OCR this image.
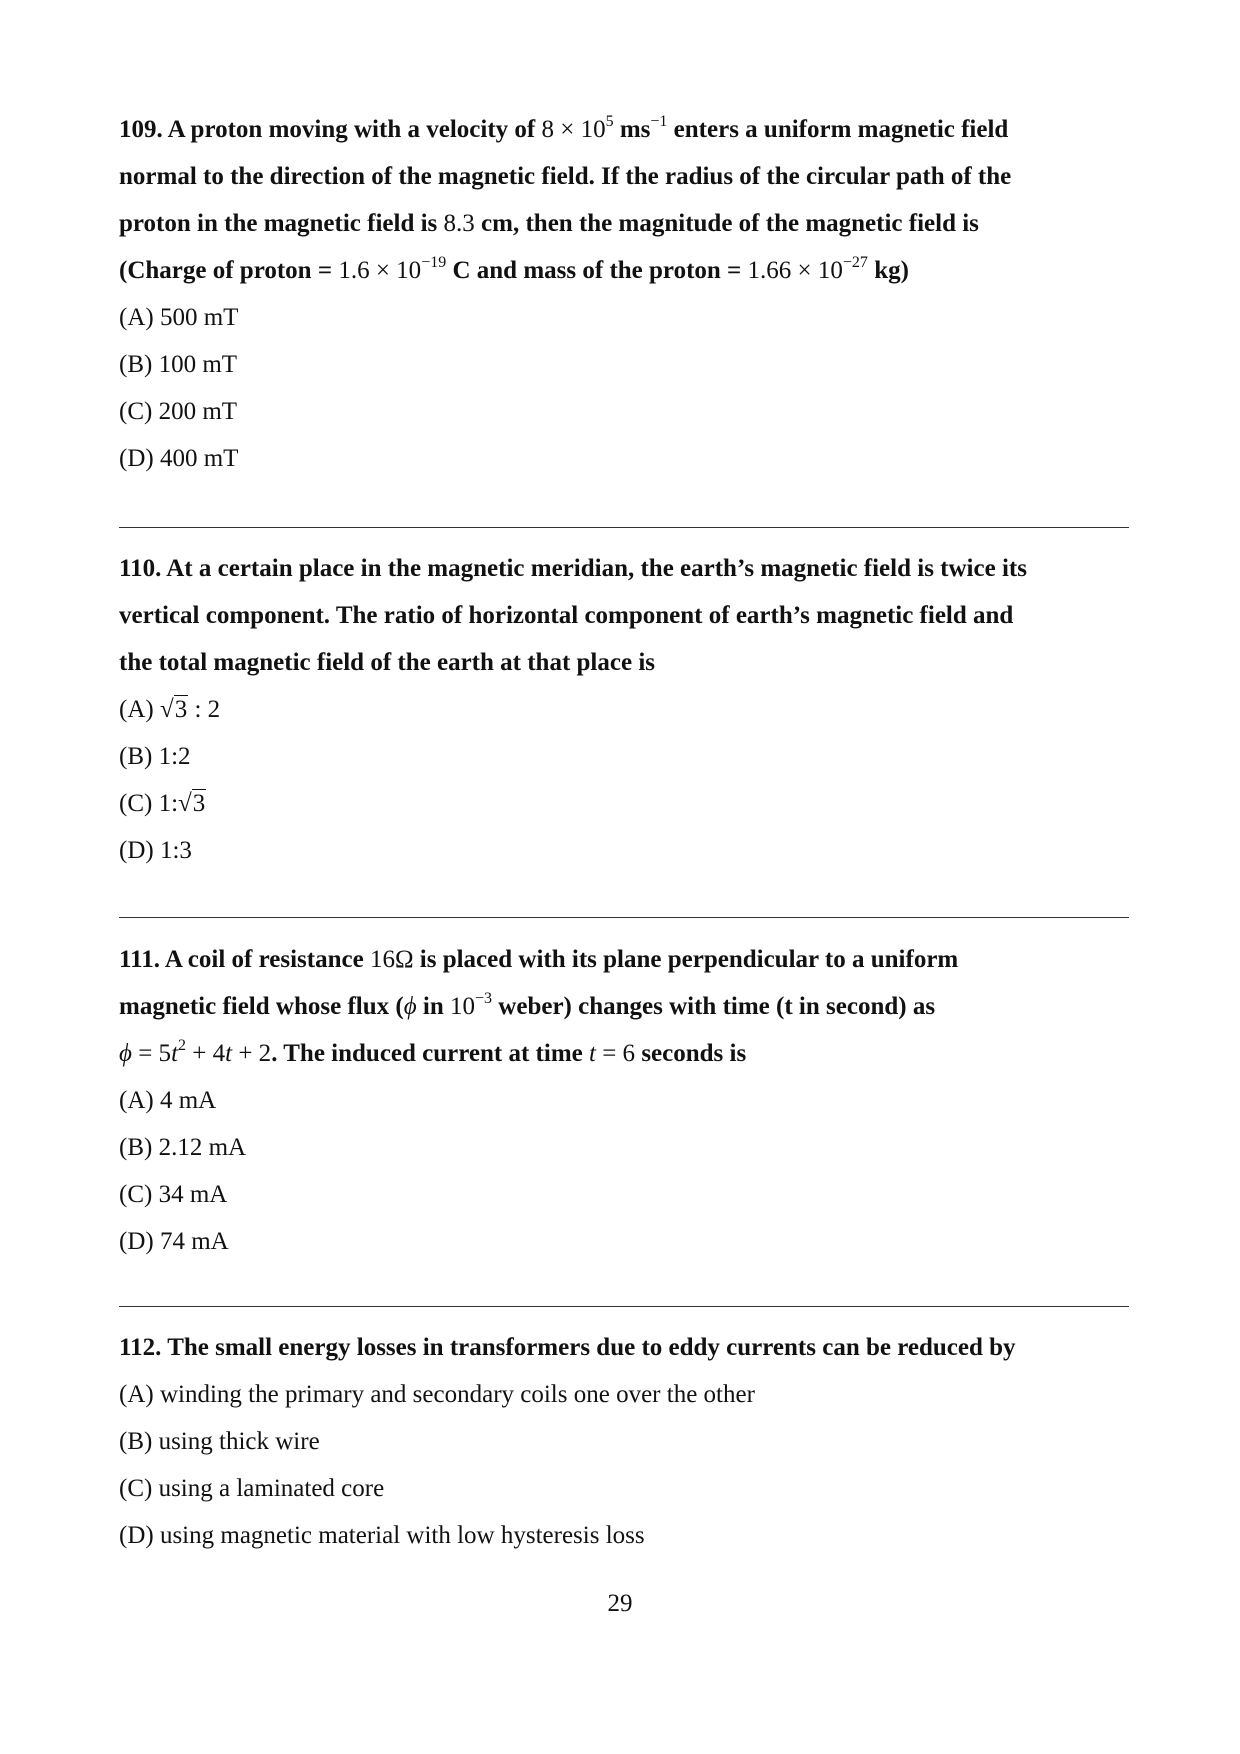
109. A proton moving with a velocity of $8 \times 10^5$ $ms^{-1}$ enters a uniform magnetic field
normal to the direction of the magnetic field. If the radius of the circular path of the
proton in the magnetic field is 8.3 cm, then the magnitude of the magnetic field is
(Charge of proton = $1.6 \times 10^{-19}$ C and mass of the proton = $1.66 \times 10^{-27}$ kg)
(A) 500 mT
(B) 100 mT
(C) 200 mT
(D) 400 mT
110. At a certain place in the magnetic meridian, the earth’s magnetic field is twice its
vertical component. The ratio of horizontal component of earth’s magnetic field and
the total magnetic field of the earth at that place is
(A) √3 : 2
(B) 1:2
(C) 1:√3
(D) 1:3
111. A coil of resistance 16Ω is placed with its plane perpendicular to a uniform
magnetic field whose flux (ϕ in $10^{-3}$ weber) changes with time (t in second) as
$\phi = 5t^2 + 4t + 2$. The induced current at time t = 6 seconds is
(A) 4 mA
(B) 2.12 mA
(C) 34 mA
(D) 74 mA
112. The small energy losses in transformers due to eddy currents can be reduced by
(A) winding the primary and secondary coils one over the other
(B) using thick wire
(C) using a laminated core
(D) using magnetic material with low hysteresis loss
29
